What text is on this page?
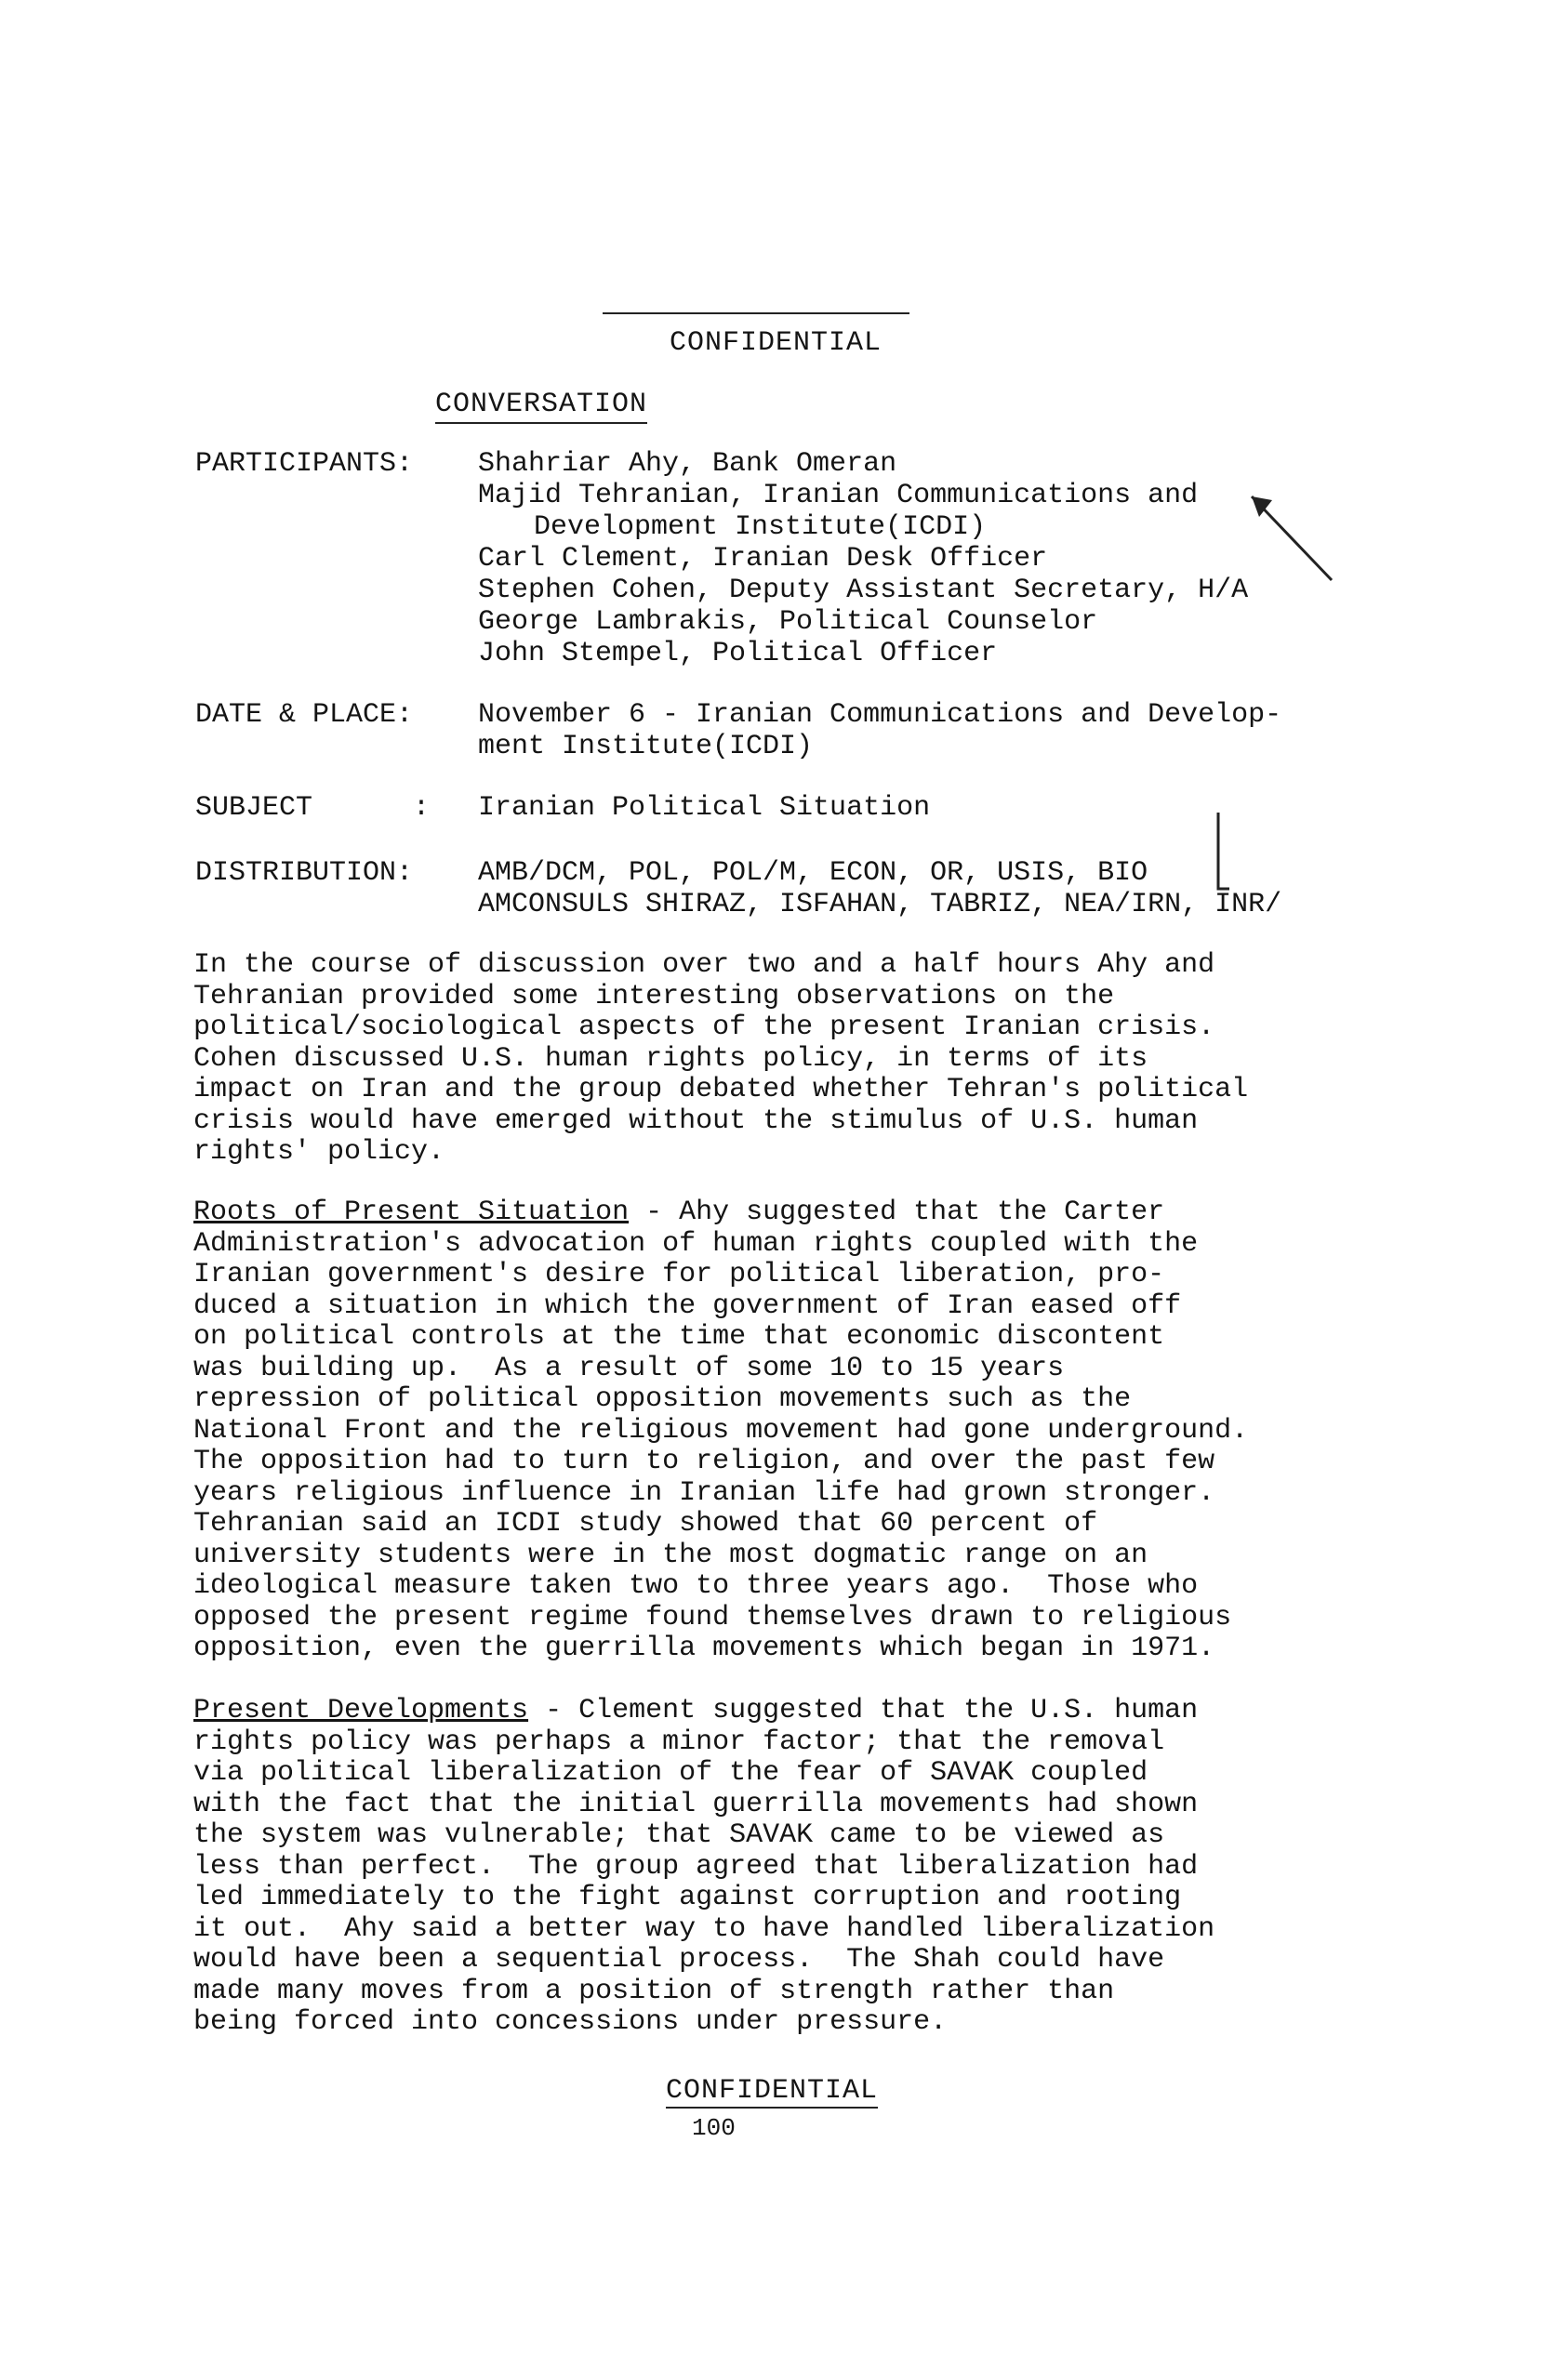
CONFIDENTIAL
CONVERSATION
PARTICIPANTS: Shahriar Ahy, Bank Omeran
Majid Tehranian, Iranian Communications and
Development Institute(ICDI)
Carl Clement, Iranian Desk Officer
Stephen Cohen, Deputy Assistant Secretary, H/A
George Lambrakis, Political Counselor
John Stempel, Political Officer
DATE & PLACE: November 6 - Iranian Communications and Develop-
ment Institute(ICDI)
SUBJECT      : Iranian Political Situation
DISTRIBUTION: AMB/DCM, POL, POL/M, ECON, OR, USIS, BIO
AMCONSULS SHIRAZ, ISFAHAN, TABRIZ, NEA/IRN, INR/
In the course of discussion over two and a half hours Ahy and
Tehranian provided some interesting observations on the
political/sociological aspects of the present Iranian crisis.
Cohen discussed U.S. human rights policy, in terms of its
impact on Iran and the group debated whether Tehran's political
crisis would have emerged without the stimulus of U.S. human
rights' policy.
Roots of Present Situation - Ahy suggested that the Carter
Administration's advocation of human rights coupled with the
Iranian government's desire for political liberation, pro-
duced a situation in which the government of Iran eased off
on political controls at the time that economic discontent
was building up.  As a result of some 10 to 15 years
repression of political opposition movements such as the
National Front and the religious movement had gone underground.
The opposition had to turn to religion, and over the past few
years religious influence in Iranian life had grown stronger.
Tehranian said an ICDI study showed that 60 percent of
university students were in the most dogmatic range on an
ideological measure taken two to three years ago.  Those who
opposed the present regime found themselves drawn to religious
opposition, even the guerrilla movements which began in 1971.
Present Developments - Clement suggested that the U.S. human
rights policy was perhaps a minor factor; that the removal
via political liberalization of the fear of SAVAK coupled
with the fact that the initial guerrilla movements had shown
the system was vulnerable; that SAVAK came to be viewed as
less than perfect.  The group agreed that liberalization had
led immediately to the fight against corruption and rooting
it out.  Ahy said a better way to have handled liberalization
would have been a sequential process.  The Shah could have
made many moves from a position of strength rather than
being forced into concessions under pressure.
CONFIDENTIAL
100
